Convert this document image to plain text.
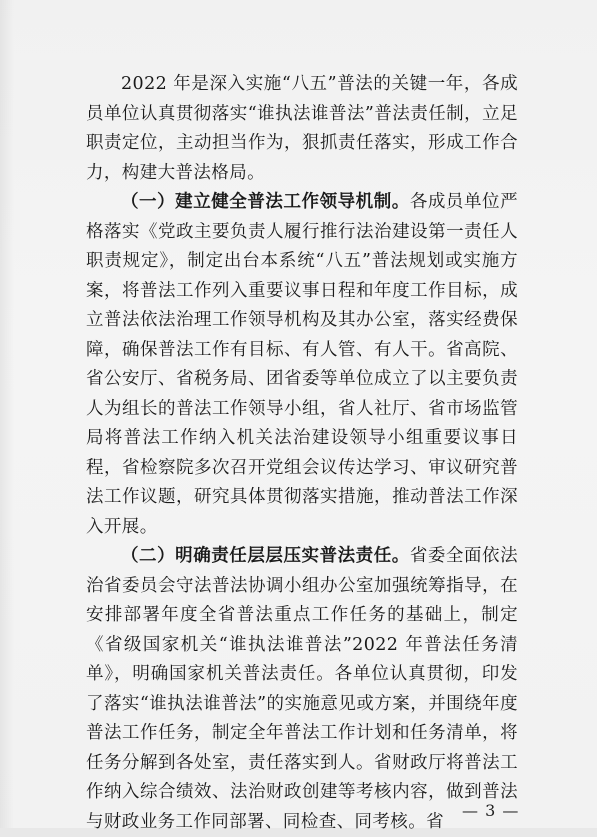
2022 年是深入实施“八五”普法的关键一年，各成员单位认真贯彻落实“谁执法谁普法”普法责任制，立足职责定位，主动担当作为，狠抓责任落实，形成工作合力，构建大普法格局。

（一）建立健全普法工作领导机制。各成员单位严格落实《党政主要负责人履行推行法治建设第一责任人职责规定》，制定出台本系统“八五”普法规划或实施方案，将普法工作列入重要议事日程和年度工作目标，成立普法依法治理工作领导机构及其办公室，落实经费保障，确保普法工作有目标、有人管、有人干。省高院、省公安厅、省税务局、团省委等单位成立了以主要负责人为组长的普法工作领导小组，省人社厅、省市场监管局将普法工作纳入机关法治建设领导小组重要议事日程，省检察院多次召开党组会议传达学习、审议研究普法工作议题，研究具体贯彻落实措施，推动普法工作深入开展。

（二）明确责任层层压实普法责任。省委全面依法治省委员会守法普法协调小组办公室加强统筹指导，在安排部署年度全省普法重点工作任务的基础上，制定《省级国家机关“谁执法谁普法”2022 年普法任务清单》，明确国家机关普法责任。各单位认真贯彻，印发了落实“谁执法谁普法”的实施意见或方案，并围绕年度普法工作任务，制定全年普法工作计划和任务清单，将任务分解到各处室，责任落实到人。省财政厅将普法工作纳入综合绩效、法治财政创建等考核内容，做到普法与财政业务工作同部署、同检查、同考核。省

— 3 —
